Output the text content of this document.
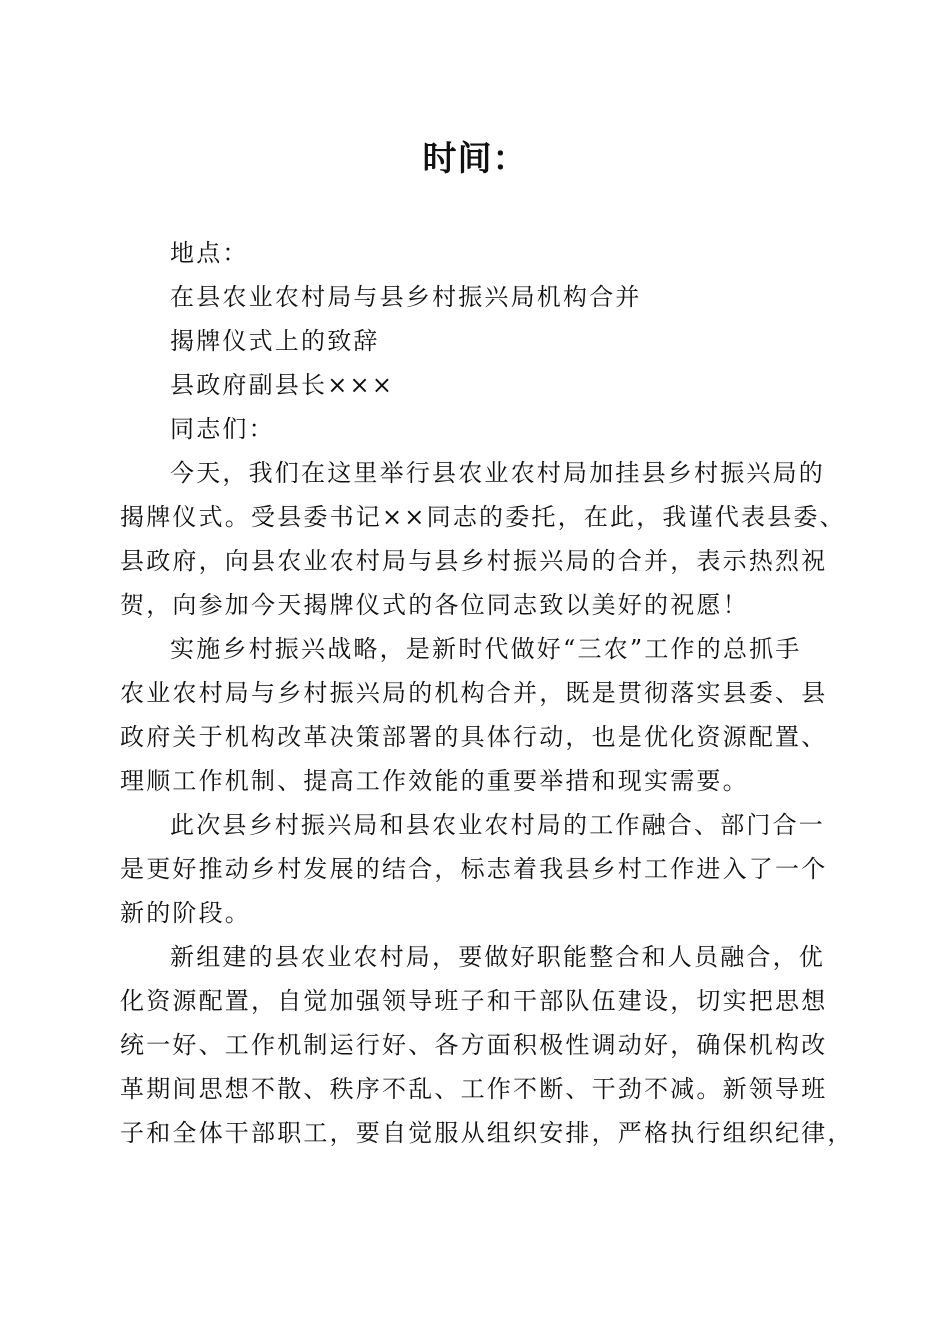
时间：
地点：
在县农业农村局与县乡村振兴局机构合并
揭牌仪式上的致辞
县政府副县长×××
同志们：
今天，我们在这里举行县农业农村局加挂县乡村振兴局的
揭牌仪式。受县委书记××同志的委托，在此，我谨代表县委、
县政府，向县农业农村局与县乡村振兴局的合并，表示热烈祝
贺，向参加今天揭牌仪式的各位同志致以美好的祝愿！
实施乡村振兴战略，是新时代做好“三农”工作的总抓手
农业农村局与乡村振兴局的机构合并，既是贯彻落实县委、县
政府关于机构改革决策部署的具体行动，也是优化资源配置、
理顺工作机制、提高工作效能的重要举措和现实需要。
此次县乡村振兴局和县农业农村局的工作融合、部门合一
是更好推动乡村发展的结合，标志着我县乡村工作进入了一个
新的阶段。
新组建的县农业农村局，要做好职能整合和人员融合，优
化资源配置，自觉加强领导班子和干部队伍建设，切实把思想
统一好、工作机制运行好、各方面积极性调动好，确保机构改
革期间思想不散、秩序不乱、工作不断、干劲不减。新领导班
子和全体干部职工，要自觉服从组织安排，严格执行组织纪律，
